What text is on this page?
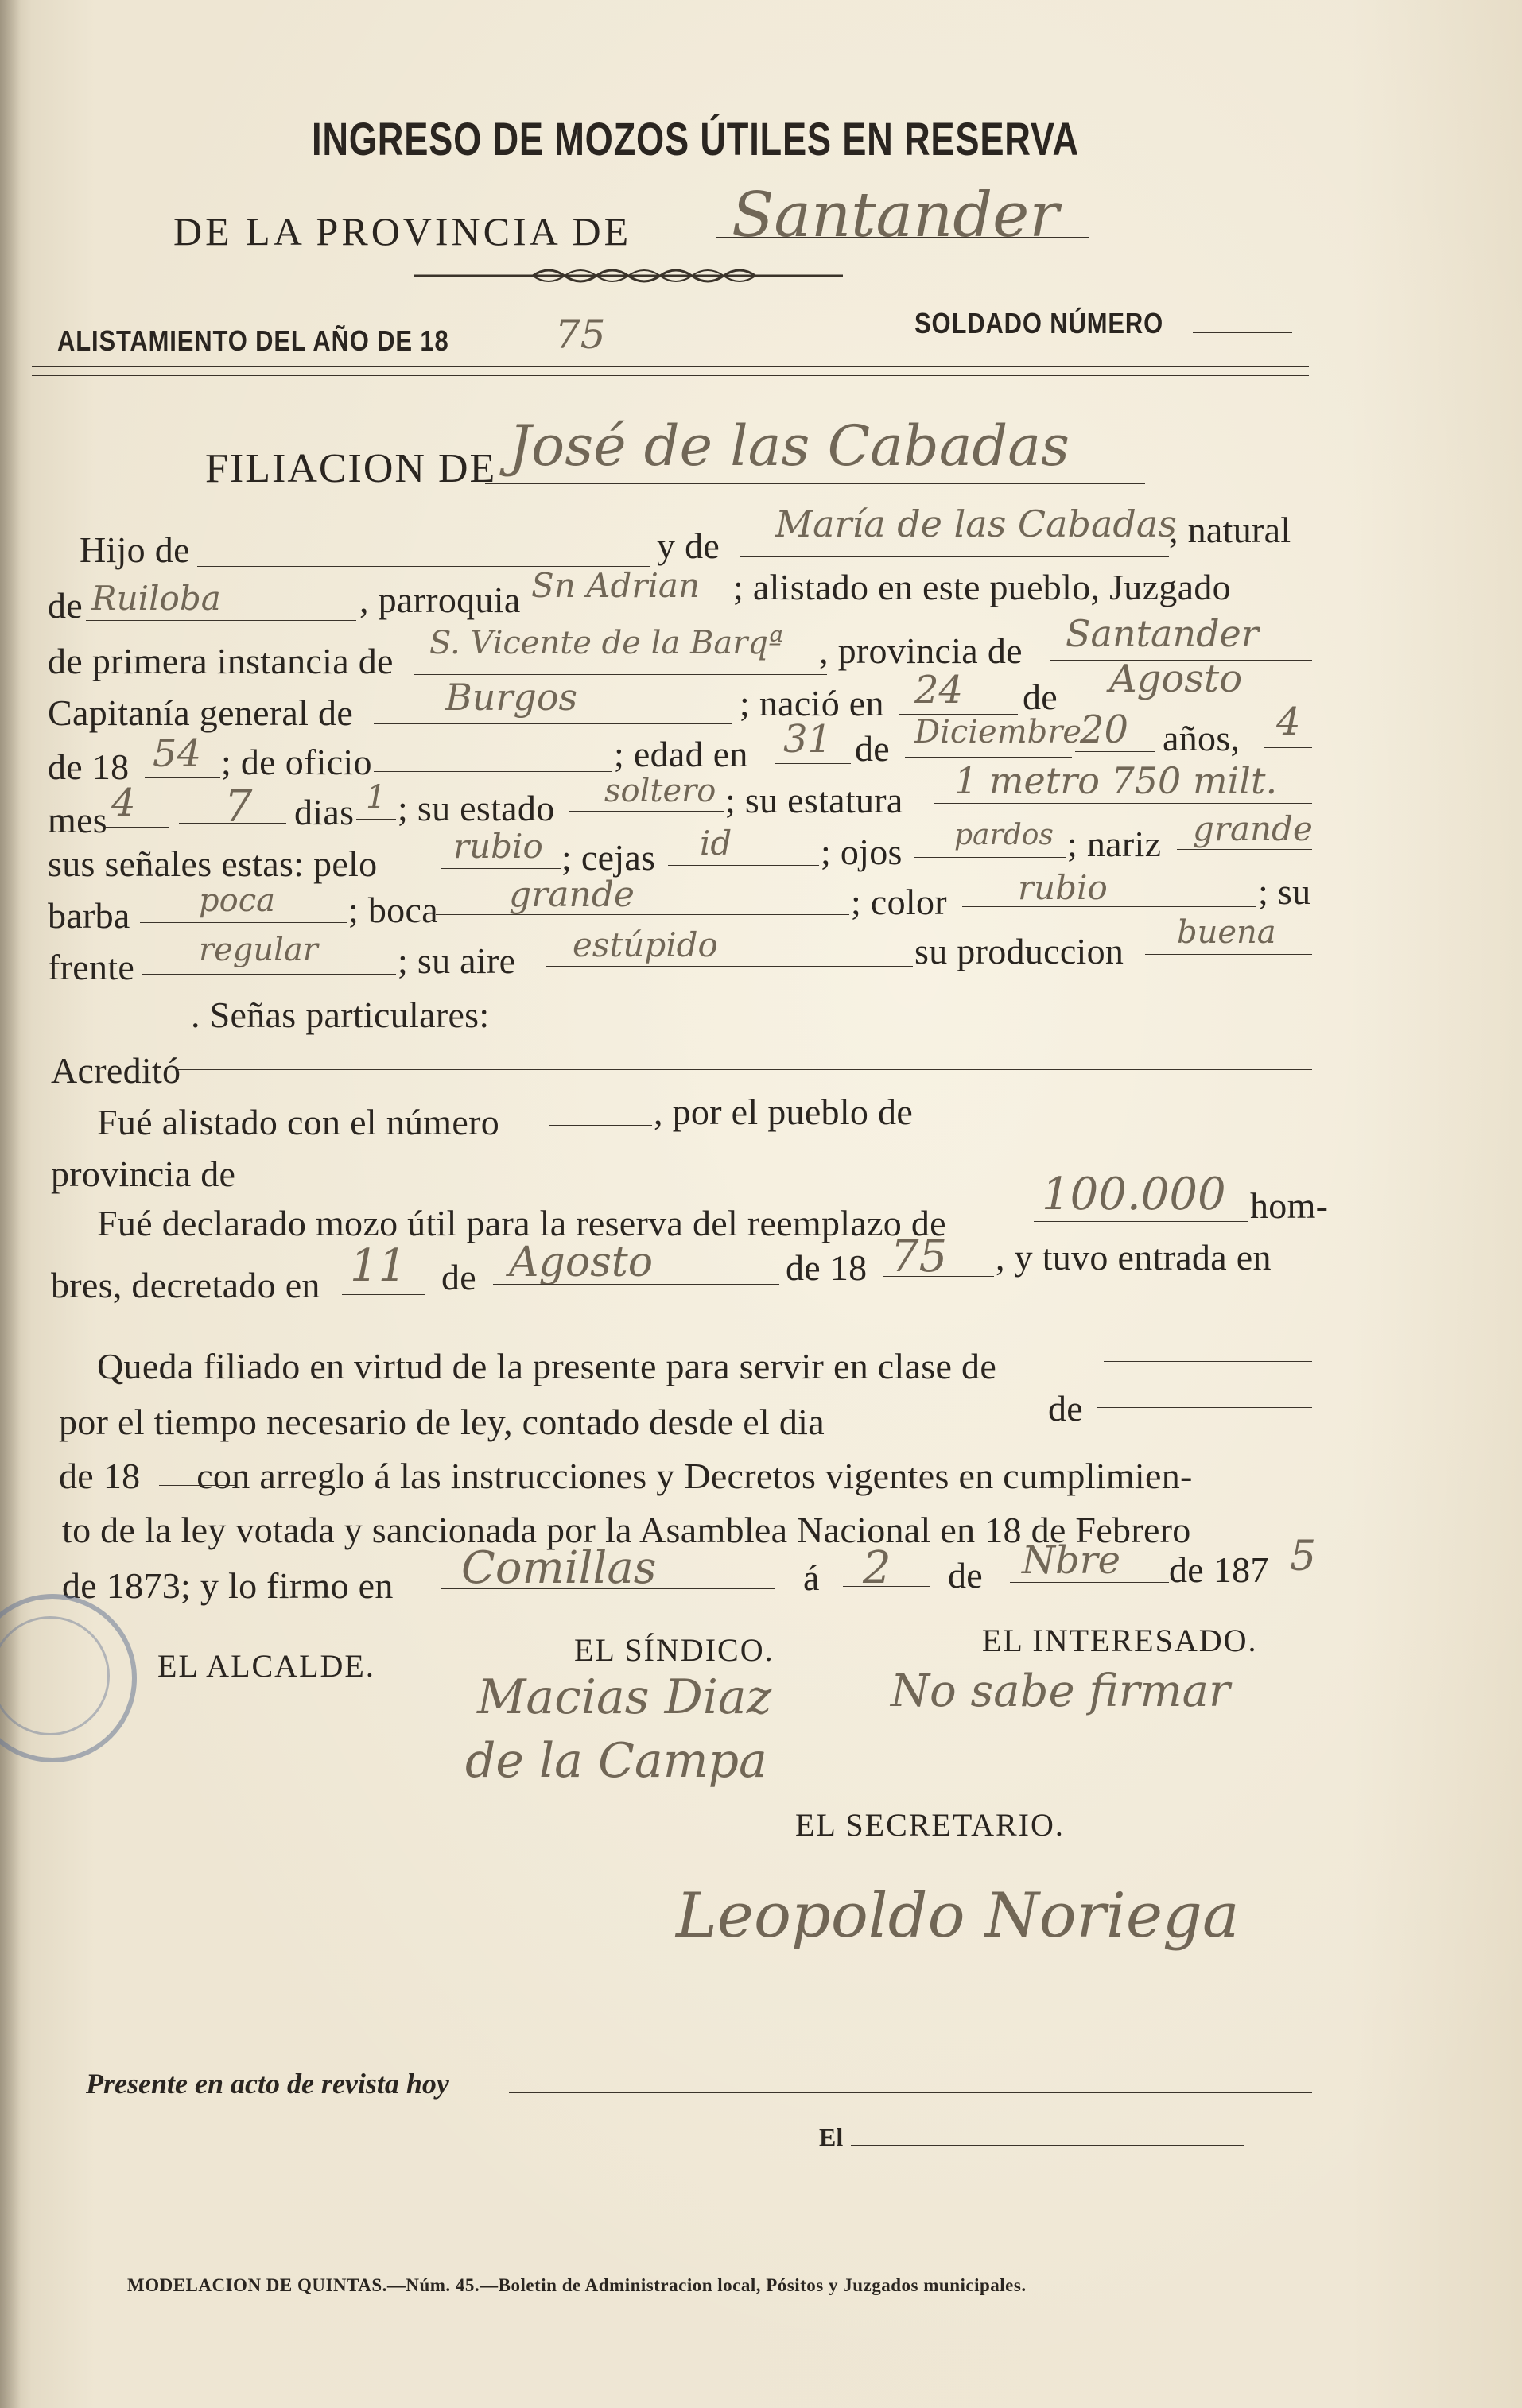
INGRESO DE MOZOS ÚTILES EN RESERVA
DE LA PROVINCIA DE Santander
ALISTAMIENTO DEL AÑO DE 18	75	SOLDADO NÚMERO
FILIACION DE José de las Cabadas
Hijo de	y de
María de las Cabadas
, natural
de Ruiloba	, parroquia Sn Adrian ; alistado en este pueblo, Juzgado
de primera instancia de S. Vicente de la Barqª , provincia de Santander
Capitanía general de	Burgos	; nació en 24 de Agosto
de 18 54 ; de oficio	; edad en 31 de Diciembre
20 años, 4
mes 4 7 dias 1 ; su estado soltero ; su estatura 1 metro 750 milt.
sus señales estas: pelo rubio ; cejas id ; ojos pardos ; nariz grande
barba poca ; boca grande	; color rubio	; su
frente regular ; su aire estúpido	su produccion buena
. Señas particulares:
Acreditó
Fué alistado con el número	, por el pueblo de
provincia de
Fué declarado mozo útil para la reserva del reemplazo de
100.000 hom-
bres, decretado en 11 de Agosto	de 18 75 , y tuvo entrada en
Queda filiado en virtud de la presente para servir en clase de
por el tiempo necesario de ley, contado desde el dia	de
de 18      con arreglo á las instrucciones y Decretos vigentes en cumplimien-
to de la ley votada y sancionada por la Asamblea Nacional en 18 de Febrero
de 1873; y lo firmo en Comillas	á 2 de Nbre de 187 5
EL ALCALDE.	EL SÍNDICO.	EL INTERESADO.
Macias Diaz
de la Campa
No sabe firmar
EL SECRETARIO.
Leopoldo Noriega
Presente en acto de revista hoy
El
MODELACION DE QUINTAS.—Núm. 45.—Boletin de Administracion local, Pósitos y Juzgados municipales.
